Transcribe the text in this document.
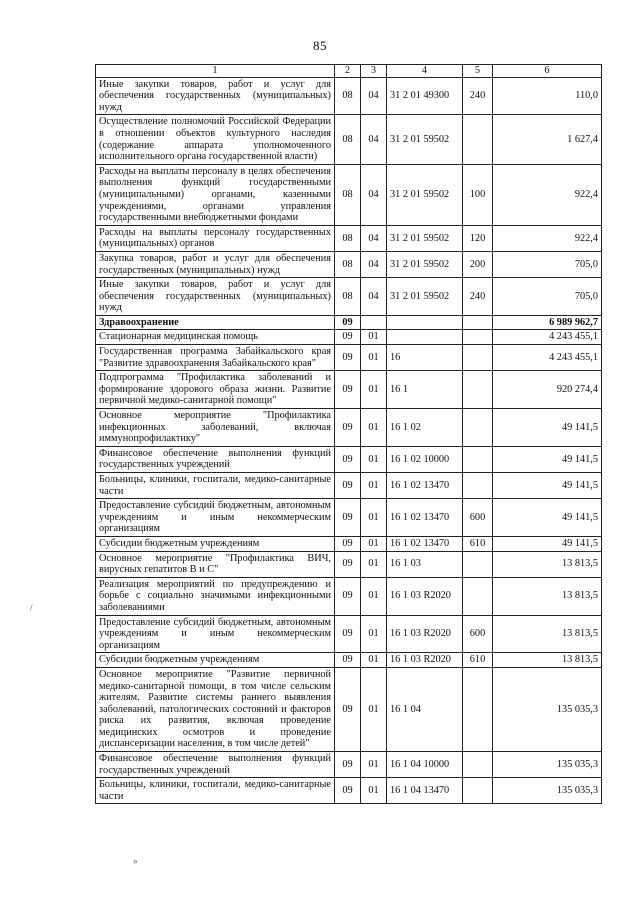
85
1	2	3	4	5	6
Иные закупки товаров, работ и услуг для обеспечения государственных (муниципальных) нужд	08	04	31 2 01 49300	240	110,0
Осуществление полномочий Российской Федерации в отношении объектов культурного наследия (содержание аппарата уполномоченного исполнительного органа государственной власти)	08	04	31 2 01 59502		1 627,4
Расходы на выплаты персоналу в целях обеспечения выполнения функций государственными (муниципальными) органами, казенными учреждениями, органами управления государственными внебюджетными фондами	08	04	31 2 01 59502	100	922,4
Расходы на выплаты персоналу государственных (муниципальных) органов	08	04	31 2 01 59502	120	922,4
Закупка товаров, работ и услуг для обеспечения государственных (муниципальных) нужд	08	04	31 2 01 59502	200	705,0
Иные закупки товаров, работ и услуг для обеспечения государственных (муниципальных) нужд	08	04	31 2 01 59502	240	705,0
Здравоохранение	09				6 989 962,7
Стационарная медицинская помощь	09	01			4 243 455,1
Государственная программа Забайкальского края "Развитие здравоохранения Забайкальского края"	09	01	16		4 243 455,1
Подпрограмма "Профилактика заболеваний и формирование здорового образа жизни. Развитие первичной медико-санитарной помощи"	09	01	16 1		920 274,4
Основное мероприятие "Профилактика инфекционных заболеваний, включая иммунопрофилактику"	09	01	16 1 02		49 141,5
Финансовое обеспечение выполнения функций государственных учреждений	09	01	16 1 02 10000		49 141,5
Больницы, клиники, госпитали, медико-санитарные части	09	01	16 1 02 13470		49 141,5
Предоставление субсидий бюджетным, автономным учреждениям и иным некоммерческим организациям	09	01	16 1 02 13470	600	49 141,5
Субсидии бюджетным учреждениям	09	01	16 1 02 13470	610	49 141,5
Основное мероприятие "Профилактика ВИЧ, вирусных гепатитов В и С"	09	01	16 1 03		13 813,5
Реализация мероприятий по предупреждению и борьбе с социально значимыми инфекционными заболеваниями	09	01	16 1 03 R2020		13 813,5
Предоставление субсидий бюджетным, автономным учреждениям и иным некоммерческим организациям	09	01	16 1 03 R2020	600	13 813,5
Субсидии бюджетным учреждениям	09	01	16 1 03 R2020	610	13 813,5
Основное мероприятие "Развитие первичной медико-санитарной помощи, в том числе сельским жителям. Развитие системы раннего выявления заболеваний, патологических состояний и факторов риска их развития, включая проведение медицинских осмотров и проведение диспансеризации населения, в том числе детей"	09	01	16 1 04		135 035,3
Финансовое обеспечение выполнения функций государственных учреждений	09	01	16 1 04 10000		135 035,3
Больницы, клиники, госпитали, медико-санитарные части	09	01	16 1 04 13470		135 035,3
/
»
